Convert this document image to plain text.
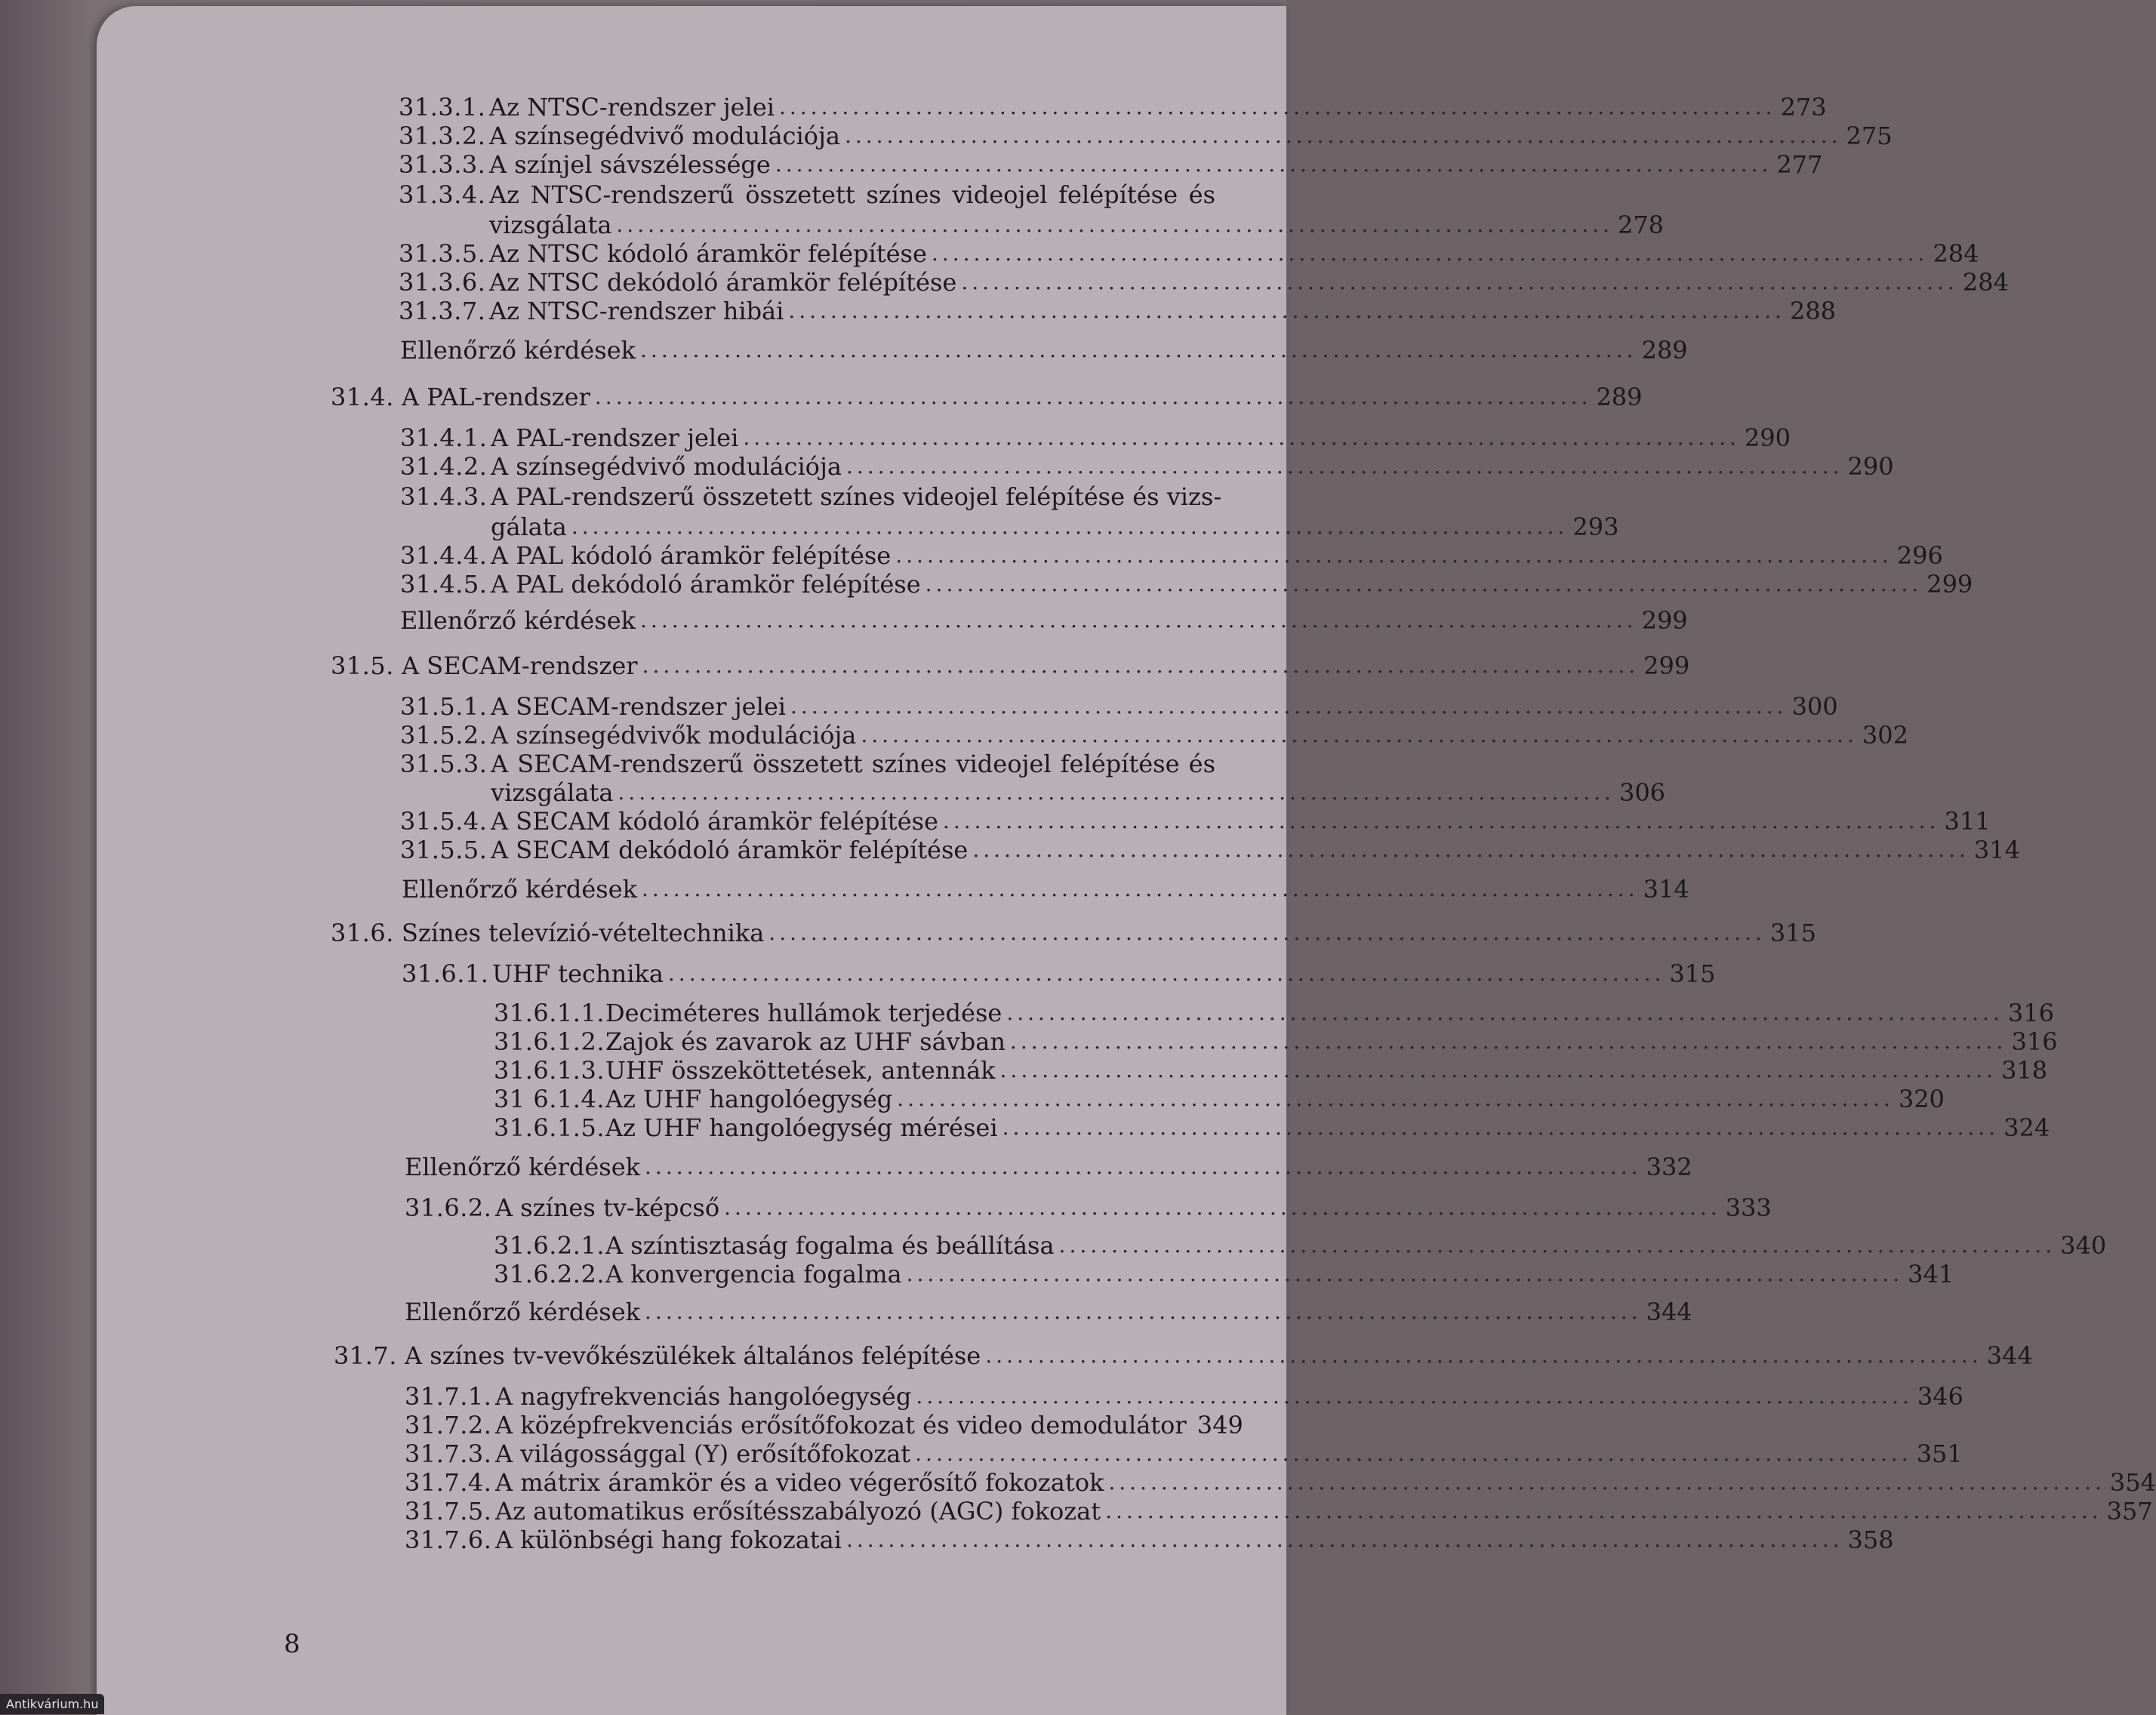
31.3.1. Az NTSC-rendszer jelei ............................................................................................... 273
31.3.2. A színsegédvivő modulációja ............................................................................................... 275
31.3.3. A színjel sávszélessége ............................................................................................... 277
31.3.4. Az NTSC-rendszerű összetett színes videojel felépítése és
vizsgálata ............................................................................................... 278
31.3.5. Az NTSC kódoló áramkör felépítése ............................................................................................... 284
31.3.6. Az NTSC dekódoló áramkör felépítése ............................................................................................... 284
31.3.7. Az NTSC-rendszer hibái ............................................................................................... 288
Ellenőrző kérdések ............................................................................................... 289
31.4. A PAL-rendszer ............................................................................................... 289
31.4.1. A PAL-rendszer jelei ............................................................................................... 290
31.4.2. A színsegédvivő modulációja ............................................................................................... 290
31.4.3. A PAL-rendszerű összetett színes videojel felépítése és vizs-
gálata ............................................................................................... 293
31.4.4. A PAL kódoló áramkör felépítése ............................................................................................... 296
31.4.5. A PAL dekódoló áramkör felépítése ............................................................................................... 299
Ellenőrző kérdések ............................................................................................... 299
31.5. A SECAM-rendszer ............................................................................................... 299
31.5.1. A SECAM-rendszer jelei ............................................................................................... 300
31.5.2. A színsegédvivők modulációja ............................................................................................... 302
31.5.3. A SECAM-rendszerű összetett színes videojel felépítése és
vizsgálata ............................................................................................... 306
31.5.4. A SECAM kódoló áramkör felépítése ............................................................................................... 311
31.5.5. A SECAM dekódoló áramkör felépítése ............................................................................................... 314
Ellenőrző kérdések ............................................................................................... 314
31.6. Színes televízió-vételtechnika ............................................................................................... 315
31.6.1. UHF technika ............................................................................................... 315
31.6.1.1. Deciméteres hullámok terjedése ............................................................................................... 316
31.6.1.2. Zajok és zavarok az UHF sávban ............................................................................................... 316
31.6.1.3. UHF összeköttetések, antennák ............................................................................................... 318
31 6.1.4. Az UHF hangolóegység ............................................................................................... 320
31.6.1.5. Az UHF hangolóegység mérései ............................................................................................... 324
Ellenőrző kérdések ............................................................................................... 332
31.6.2. A színes tv-képcső ............................................................................................... 333
31.6.2.1. A színtisztaság fogalma és beállítása ............................................................................................... 340
31.6.2.2. A konvergencia fogalma ............................................................................................... 341
Ellenőrző kérdések ............................................................................................... 344
31.7. A színes tv-vevőkészülékek általános felépítése ............................................................................................... 344
31.7.1. A nagyfrekvenciás hangolóegység ............................................................................................... 346
31.7.2. A középfrekvenciás erősítőfokozat és video demodulátor 349
31.7.3. A világossággal (Y) erősítőfokozat ............................................................................................... 351
31.7.4. A mátrix áramkör és a video végerősítő fokozatok ............................................................................................... 354
31.7.5. Az automatikus erősítésszabályozó (AGC) fokozat ............................................................................................... 357
31.7.6. A különbségi hang fokozatai ............................................................................................... 358
8
Antikvárium.hu
